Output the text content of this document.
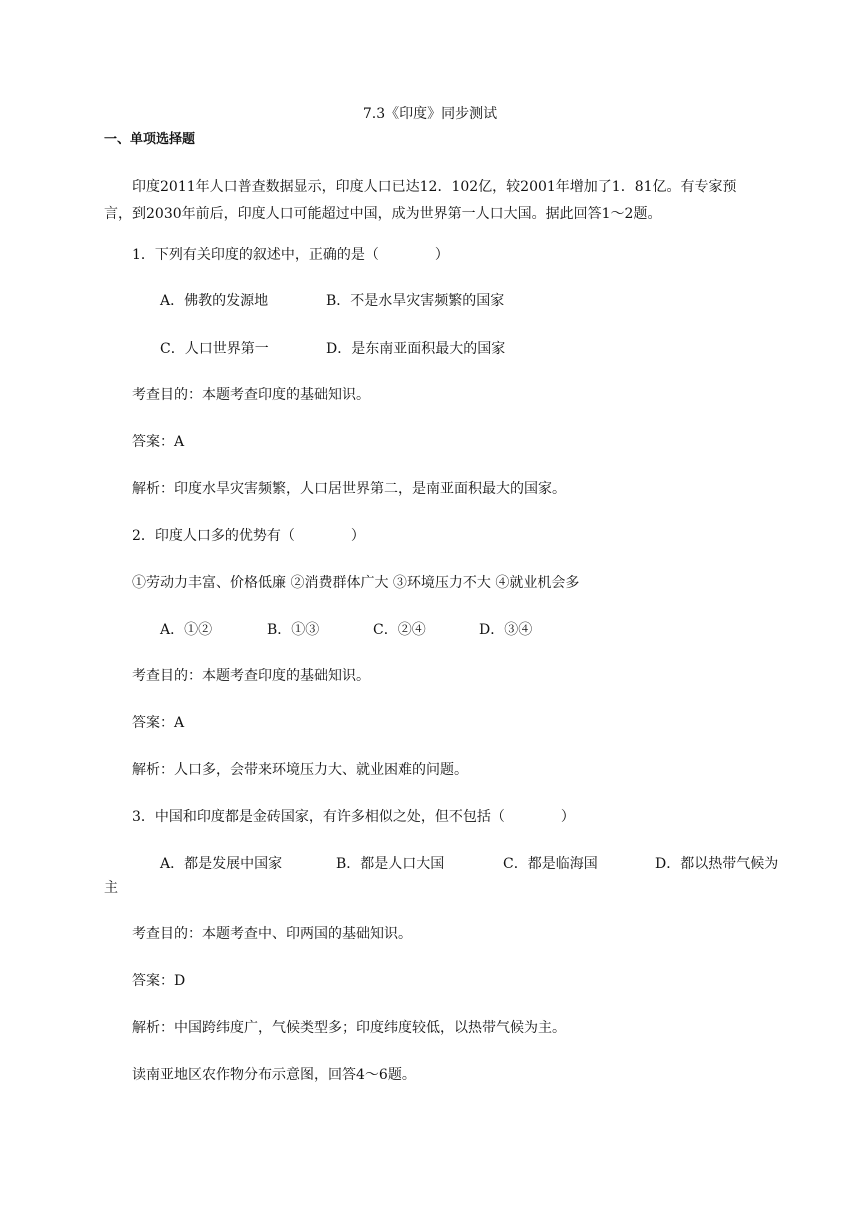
7.3《印度》同步测试
一、单项选择题
印度2011年人口普查数据显示，印度人口已达12．102亿，较2001年增加了1．81亿。有专家预言，到2030年前后，印度人口可能超过中国，成为世界第一人口大国。据此回答1～2题。
1．下列有关印度的叙述中，正确的是（　　　　）
A．佛教的发源地	B．不是水旱灾害频繁的国家
C．人口世界第一	D．是东南亚面积最大的国家
考查目的：本题考查印度的基础知识。
答案：A
解析：印度水旱灾害频繁，人口居世界第二，是南亚面积最大的国家。
2．印度人口多的优势有（　　　　）
①劳动力丰富、价格低廉 ②消费群体广大 ③环境压力不大 ④就业机会多
A．①②	B．①③	C．②④	D．③④
考查目的：本题考查印度的基础知识。
答案：A
解析：人口多，会带来环境压力大、就业困难的问题。
3．中国和印度都是金砖国家，有许多相似之处，但不包括（　　　　）
A．都是发展中国家	B．都是人口大国	C．都是临海国	D．都以热带气候为
主
考查目的：本题考查中、印两国的基础知识。
答案：D
解析：中国跨纬度广，气候类型多；印度纬度较低，以热带气候为主。
读南亚地区农作物分布示意图，回答4～6题。
